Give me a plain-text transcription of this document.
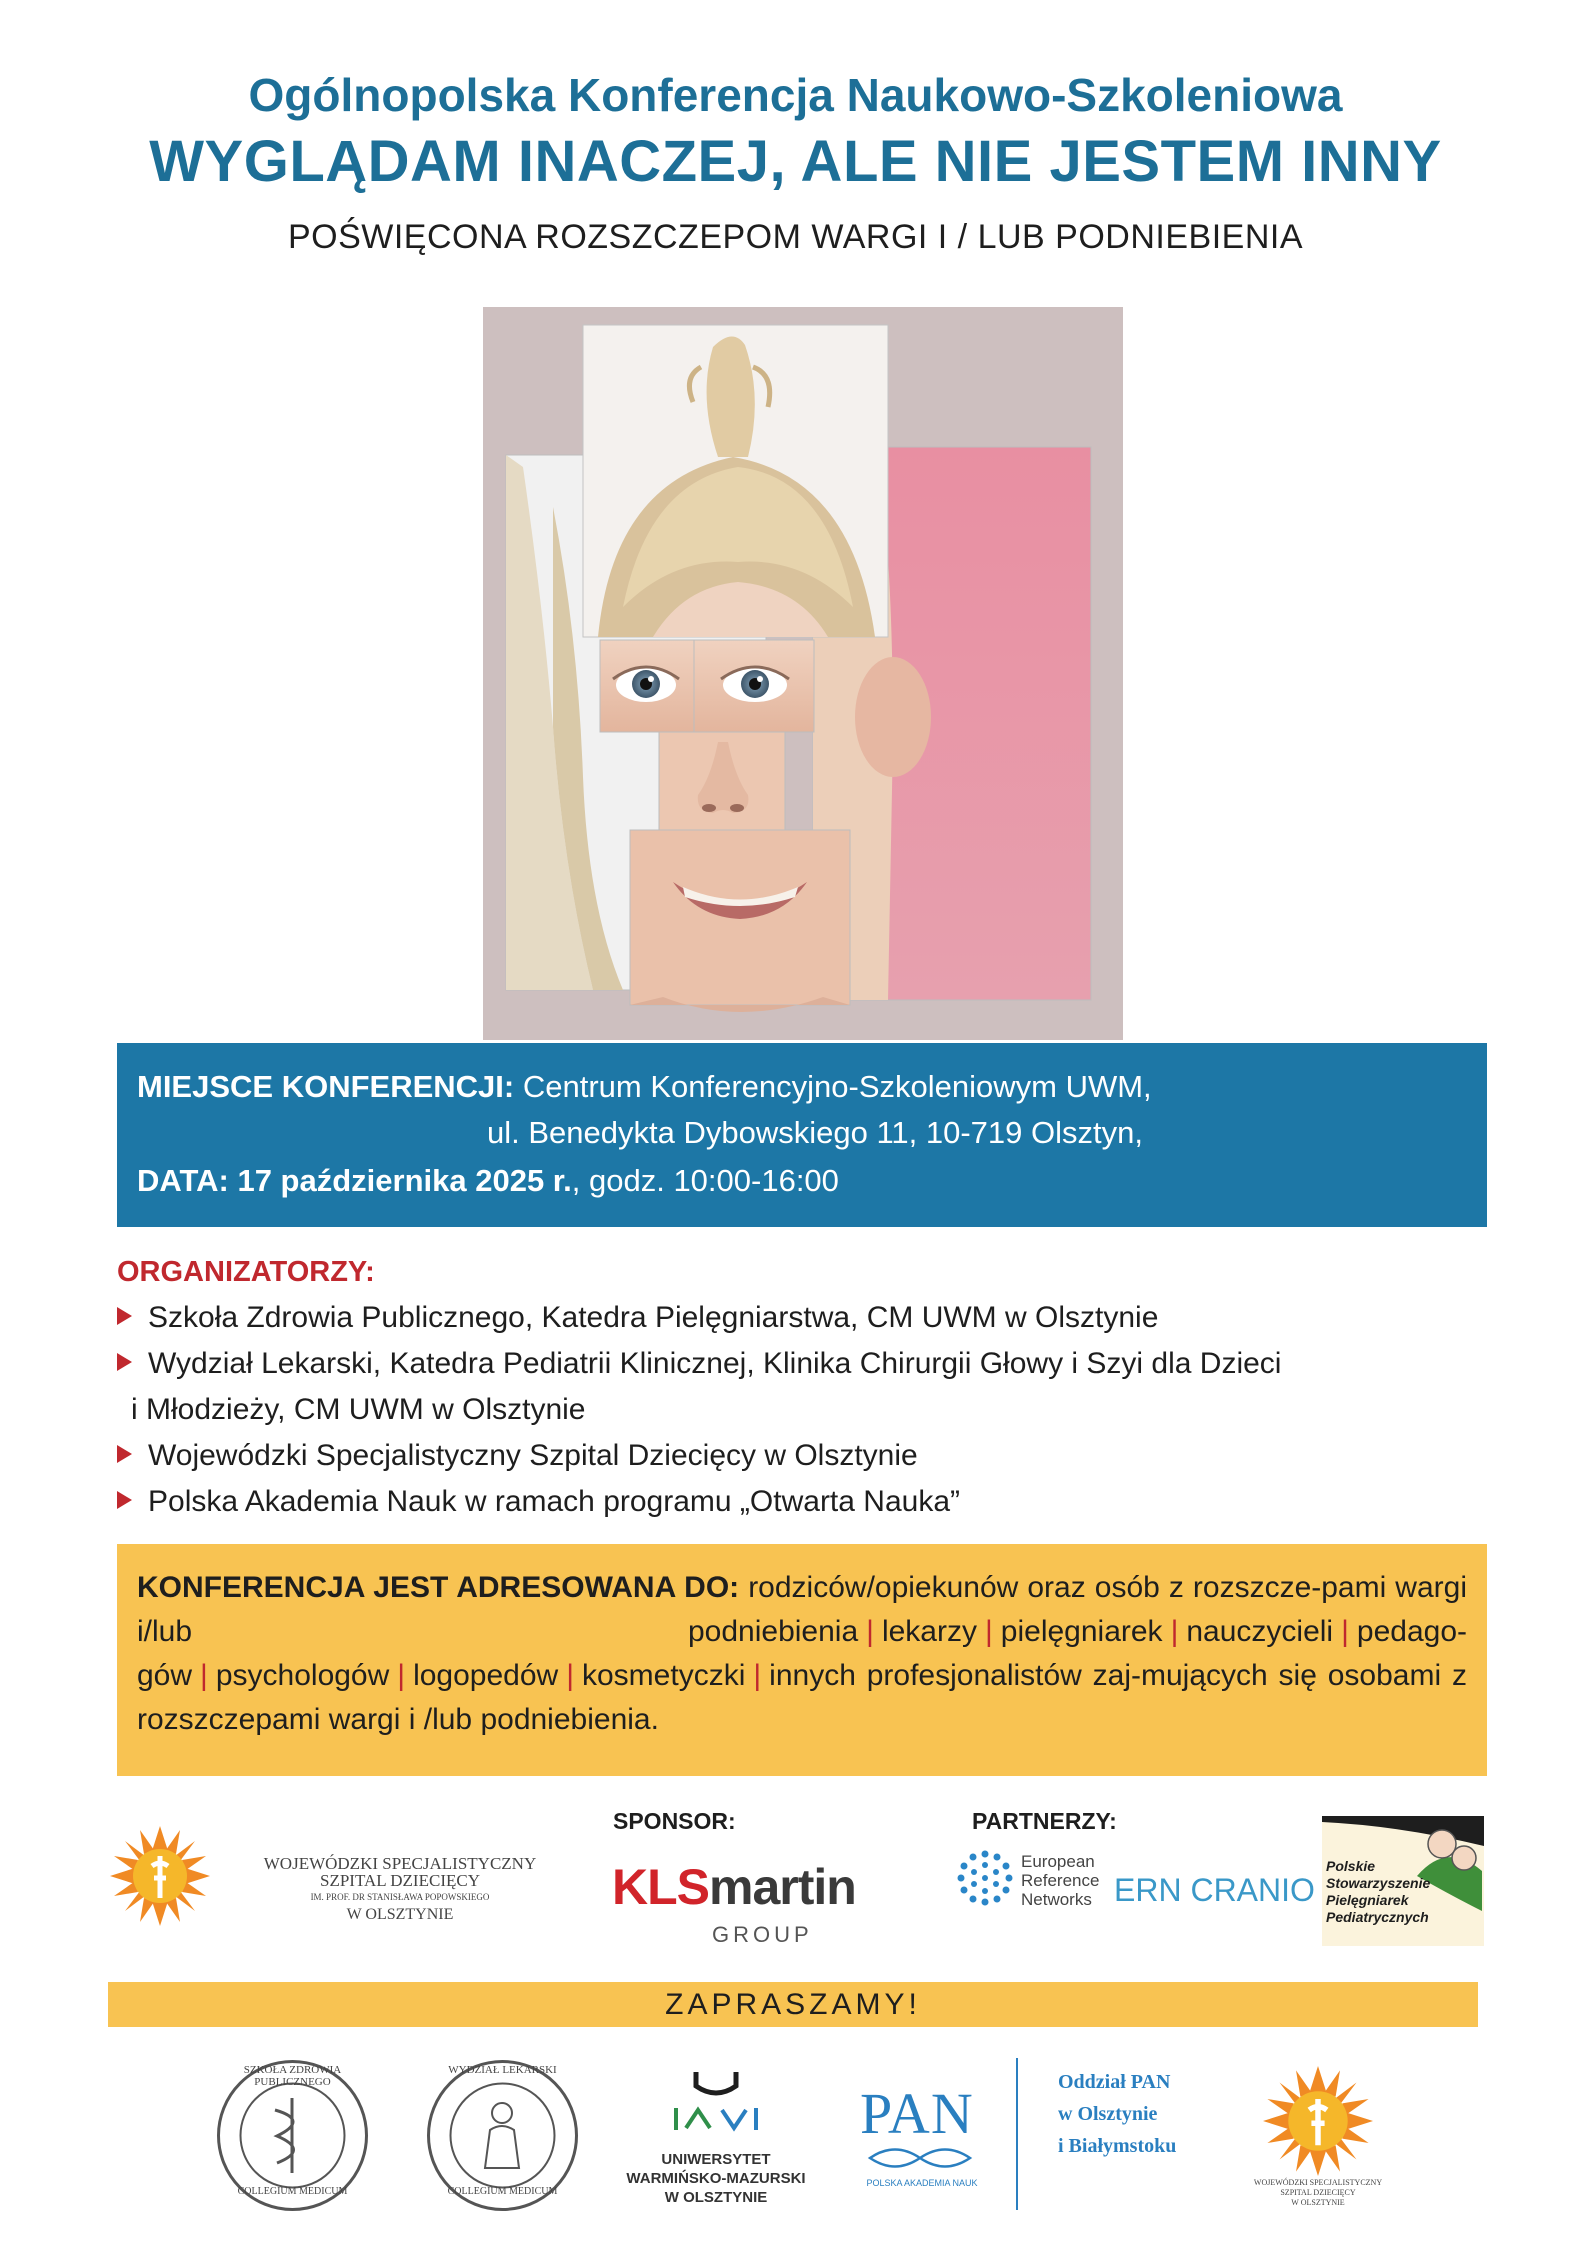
Ogólnopolska Konferencja Naukowo-Szkoleniowa
WYGLĄDAM INACZEJ, ALE NIE JESTEM INNY
POŚWIĘCONA ROZSZCZEPOM WARGI I / LUB PODNIEBIENIA
MIEJSCE KONFERENCJI: Centrum Konferencyjno-Szkoleniowym UWM,
ul. Benedykta Dybowskiego 11, 10-719 Olsztyn,
DATA: 17 października 2025 r., godz. 10:00-16:00
ORGANIZATORZY:
Szkoła Zdrowia Publicznego, Katedra Pielęgniarstwa, CM UWM w Olsztynie
Wydział Lekarski, Katedra Pediatrii Klinicznej, Klinika Chirurgii Głowy i Szyi dla Dzieci
i Młodzieży, CM UWM w Olsztynie
Wojewódzki Specjalistyczny Szpital Dziecięcy w Olsztynie
Polska Akademia Nauk w ramach programu „Otwarta Nauka”
KONFERENCJA JEST ADRESOWANA DO: rodziców/opiekunów oraz osób z rozszcze-pami wargi i/lub podniebienia | lekarzy | pielęgniarek | nauczycieli | pedago-gów | psychologów | logopedów | kosmetyczki | innych profesjonalistów zaj-mujących się osobami z rozszczepami wargi i /lub podniebienia.
WOJEWÓDZKI SPECJALISTYCZNY
SZPITAL DZIECIĘCY
IM. PROF. DR STANISŁAWA POPOWSKIEGO
W OLSZTYNIE
SPONSOR:
KLSmartin
GROUP
PARTNERZY:
European
Reference
Networks ERN CRANIO
Polskie
Stowarzyszenie
Pielęgniarek
Pediatrycznych
ZAPRASZAMY!
SZKOŁA ZDROWIA PUBLICZNEGO
COLLEGIUM MEDICUM
WYDZIAŁ LEKARSKI
COLLEGIUM MEDICUM
UNIWERSYTET
WARMIŃSKO-MAZURSKI
W OLSZTYNIE
PAN
POLSKA AKADEMIA NAUK
Oddział PAN
w Olsztynie
i Białymstoku
WOJEWÓDZKI SPECJALISTYCZNY
SZPITAL DZIECIĘCY
W OLSZTYNIE
